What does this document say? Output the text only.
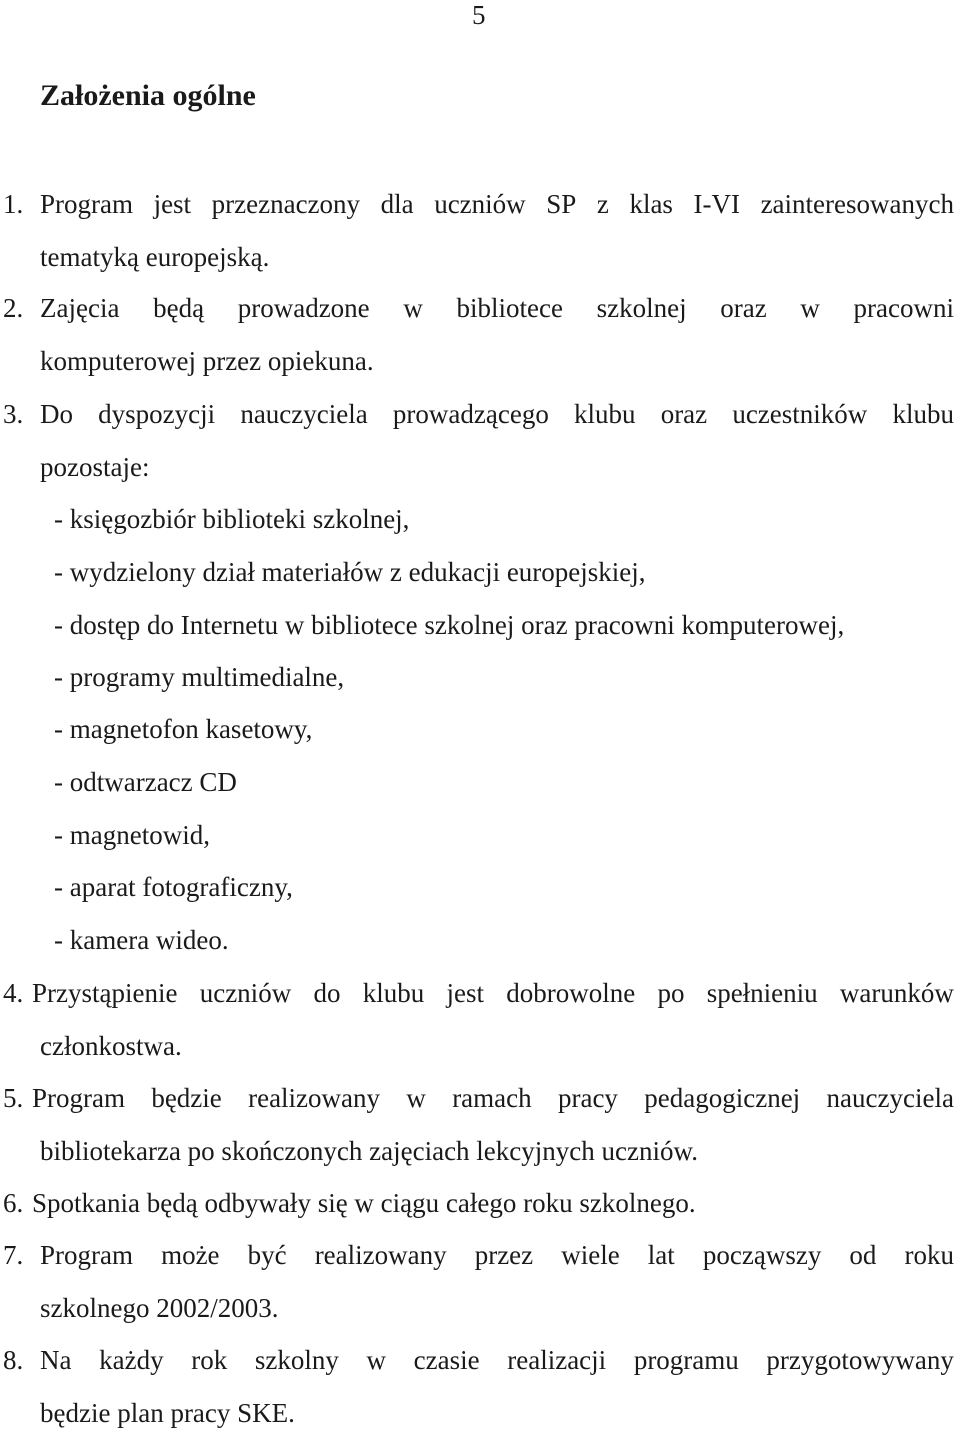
5
Założenia ogólne
1. Program jest przeznaczony dla uczniów SP z klas I-VI zainteresowanych
tematyką europejską.
2. Zajęcia będą prowadzone w bibliotece szkolnej oraz w pracowni
komputerowej przez opiekuna.
3. Do dyspozycji nauczyciela prowadzącego klubu oraz uczestników klubu
pozostaje:
- księgozbiór biblioteki szkolnej,
- wydzielony dział materiałów z edukacji europejskiej,
- dostęp do Internetu w bibliotece szkolnej oraz pracowni komputerowej,
- programy multimedialne,
- magnetofon kasetowy,
- odtwarzacz CD
- magnetowid,
- aparat fotograficzny,
- kamera wideo.
4. Przystąpienie uczniów do klubu jest dobrowolne po spełnieniu warunków
członkostwa.
5. Program będzie realizowany w ramach pracy pedagogicznej nauczyciela
bibliotekarza po skończonych zajęciach lekcyjnych uczniów.
6. Spotkania będą odbywały się w ciągu całego roku szkolnego.
7. Program może być realizowany przez wiele lat począwszy od roku
szkolnego 2002/2003.
8. Na każdy rok szkolny w czasie realizacji programu przygotowywany
będzie plan pracy SKE.
